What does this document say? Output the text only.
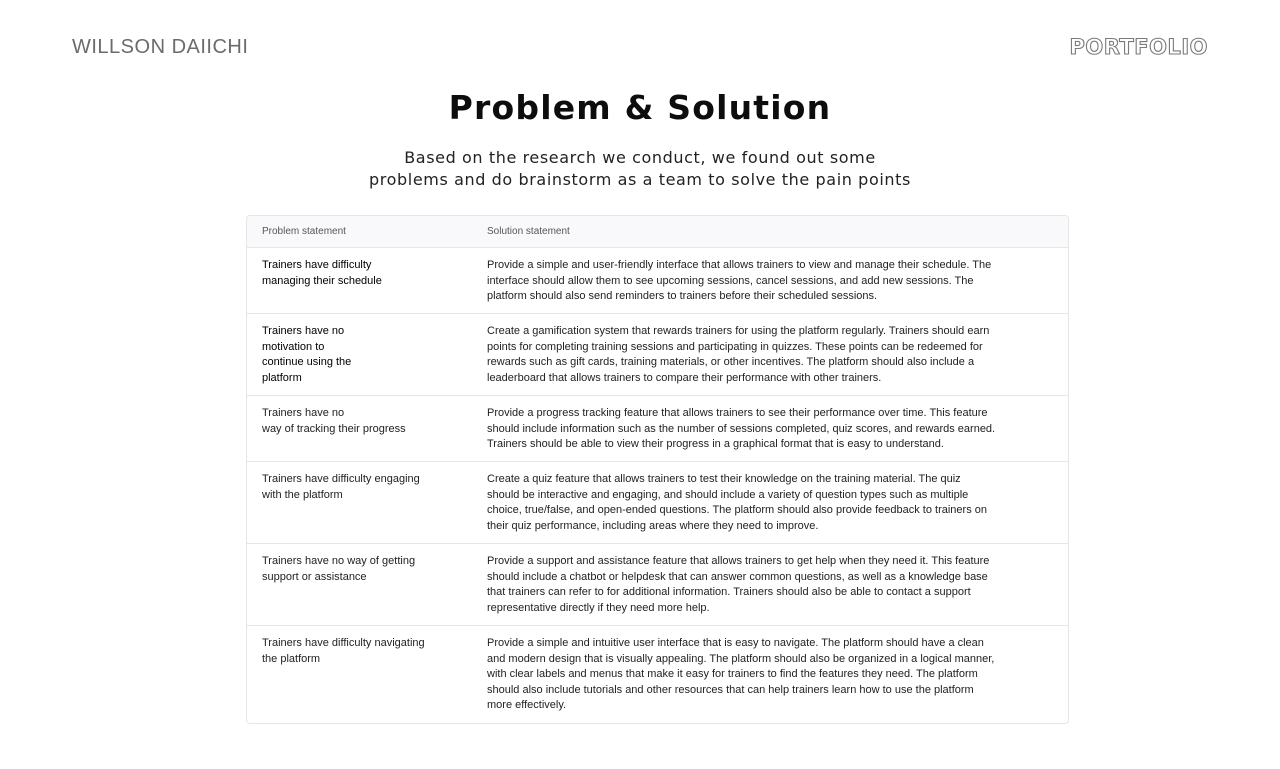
WILLSON DAIICHI	PORTFOLIO
Problem & Solution
Based on the research we conduct, we found out some
problems and do brainstorm as a team to solve the pain points
Problem statement	Solution statement
Trainers have difficulty
managing their schedule
Provide a simple and user-friendly interface that allows trainers to view and manage their schedule. The
interface should allow them to see upcoming sessions, cancel sessions, and add new sessions. The
platform should also send reminders to trainers before their scheduled sessions.
Trainers have no
motivation to
continue using the
platform
Create a gamification system that rewards trainers for using the platform regularly. Trainers should earn
points for completing training sessions and participating in quizzes. These points can be redeemed for
rewards such as gift cards, training materials, or other incentives. The platform should also include a
leaderboard that allows trainers to compare their performance with other trainers.
Trainers have no
way of tracking their progress
Provide a progress tracking feature that allows trainers to see their performance over time. This feature
should include information such as the number of sessions completed, quiz scores, and rewards earned.
Trainers should be able to view their progress in a graphical format that is easy to understand.
Trainers have difficulty engaging
with the platform
Create a quiz feature that allows trainers to test their knowledge on the training material. The quiz
should be interactive and engaging, and should include a variety of question types such as multiple
choice, true/false, and open-ended questions. The platform should also provide feedback to trainers on
their quiz performance, including areas where they need to improve.
Trainers have no way of getting
support or assistance
Provide a support and assistance feature that allows trainers to get help when they need it. This feature
should include a chatbot or helpdesk that can answer common questions, as well as a knowledge base
that trainers can refer to for additional information. Trainers should also be able to contact a support
representative directly if they need more help.
Trainers have difficulty navigating
the platform
Provide a simple and intuitive user interface that is easy to navigate. The platform should have a clean
and modern design that is visually appealing. The platform should also be organized in a logical manner,
with clear labels and menus that make it easy for trainers to find the features they need. The platform
should also include tutorials and other resources that can help trainers learn how to use the platform
more effectively.
